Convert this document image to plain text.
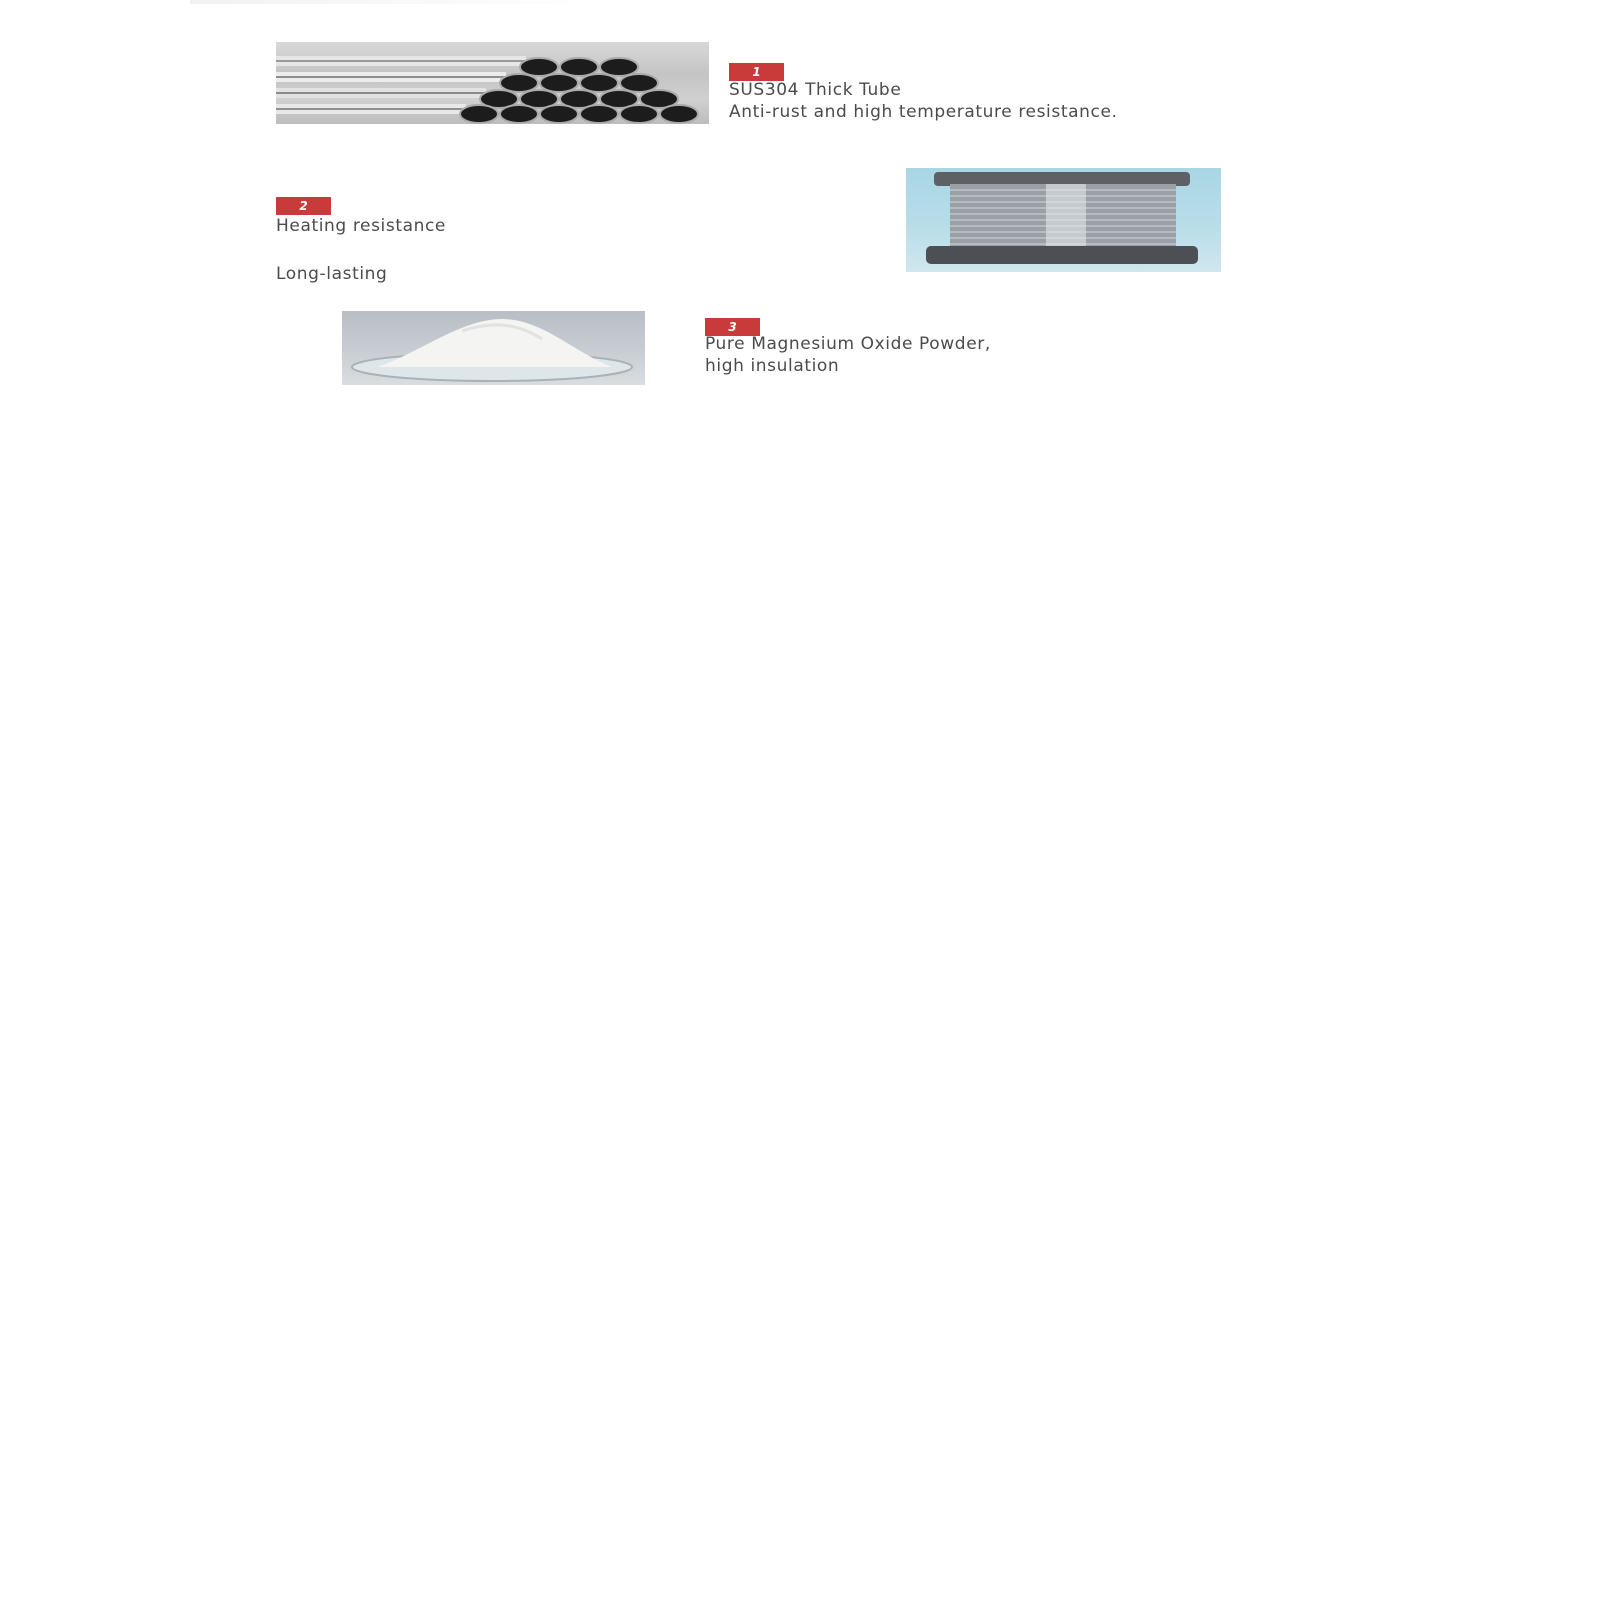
1
SUS304 Thick Tube
Anti-rust and high temperature resistance.
2
Heating resistance
Long-lasting
3
Pure Magnesium Oxide Powder,
high insulation
